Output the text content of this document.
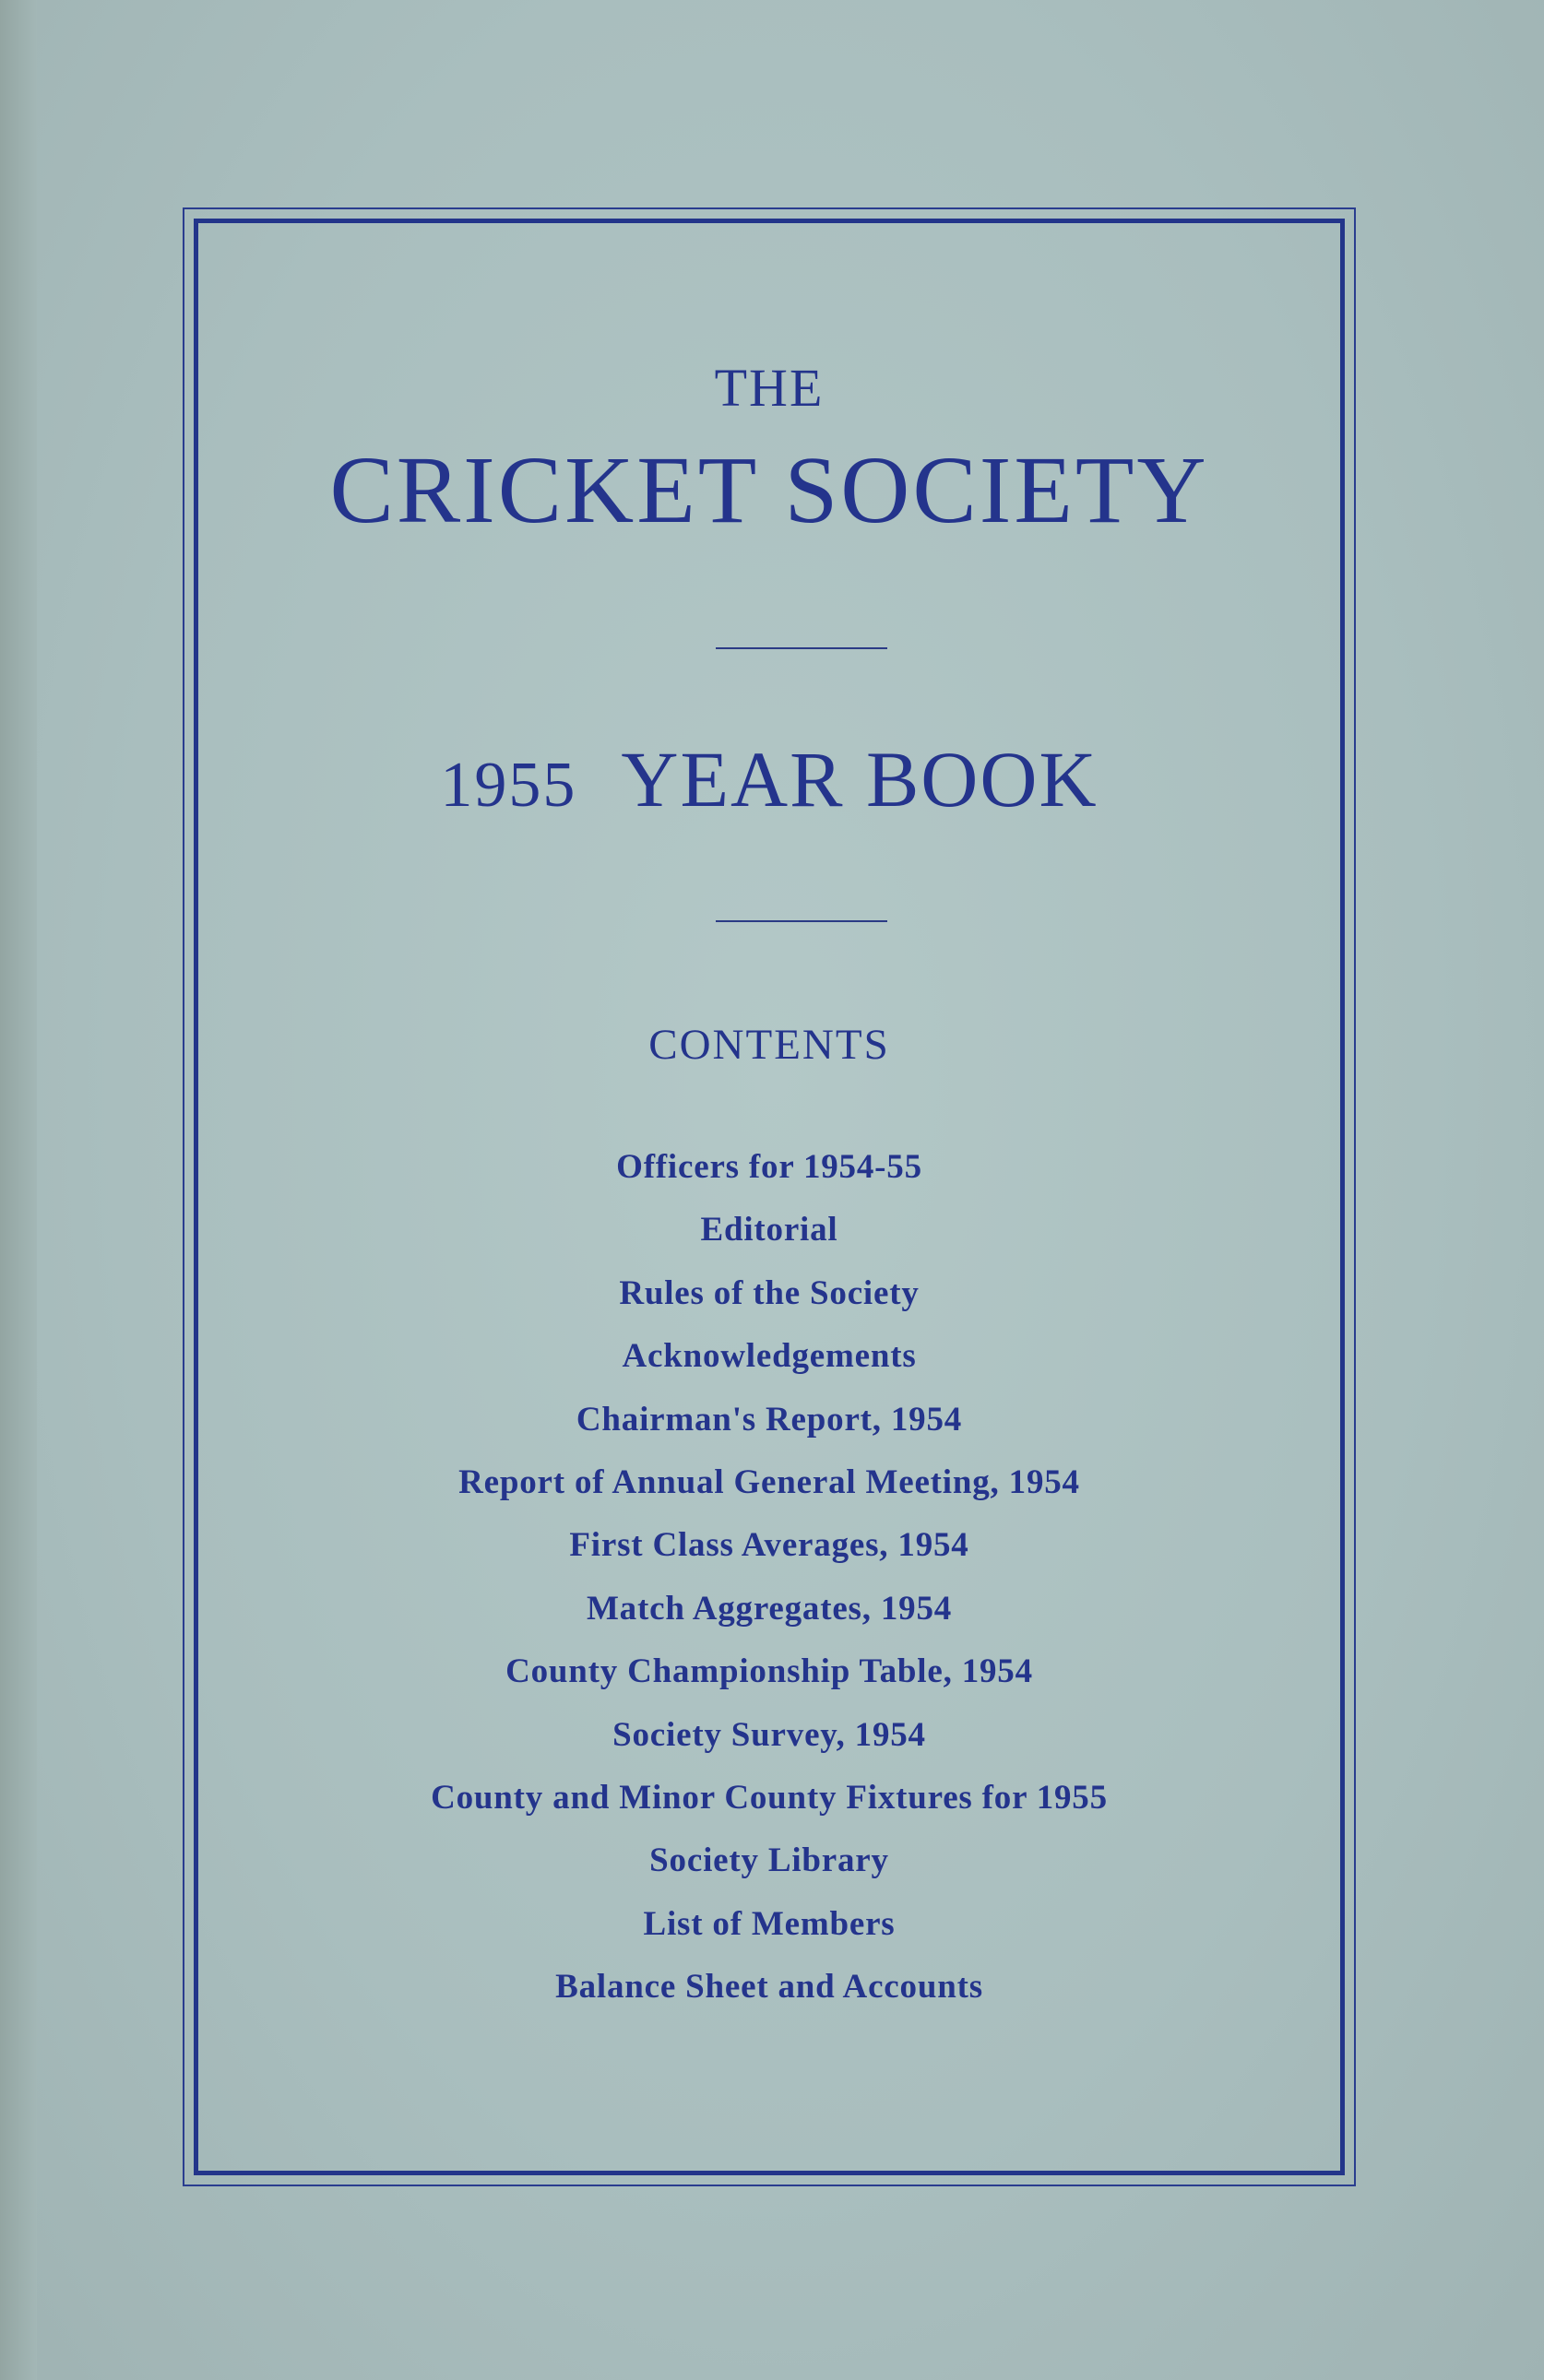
THE
CRICKET SOCIETY
1955 YEAR BOOK
CONTENTS
Officers for 1954-55
Editorial
Rules of the Society
Acknowledgements
Chairman's Report, 1954
Report of Annual General Meeting, 1954
First Class Averages, 1954
Match Aggregates, 1954
County Championship Table, 1954
Society Survey, 1954
County and Minor County Fixtures for 1955
Society Library
List of Members
Balance Sheet and Accounts
